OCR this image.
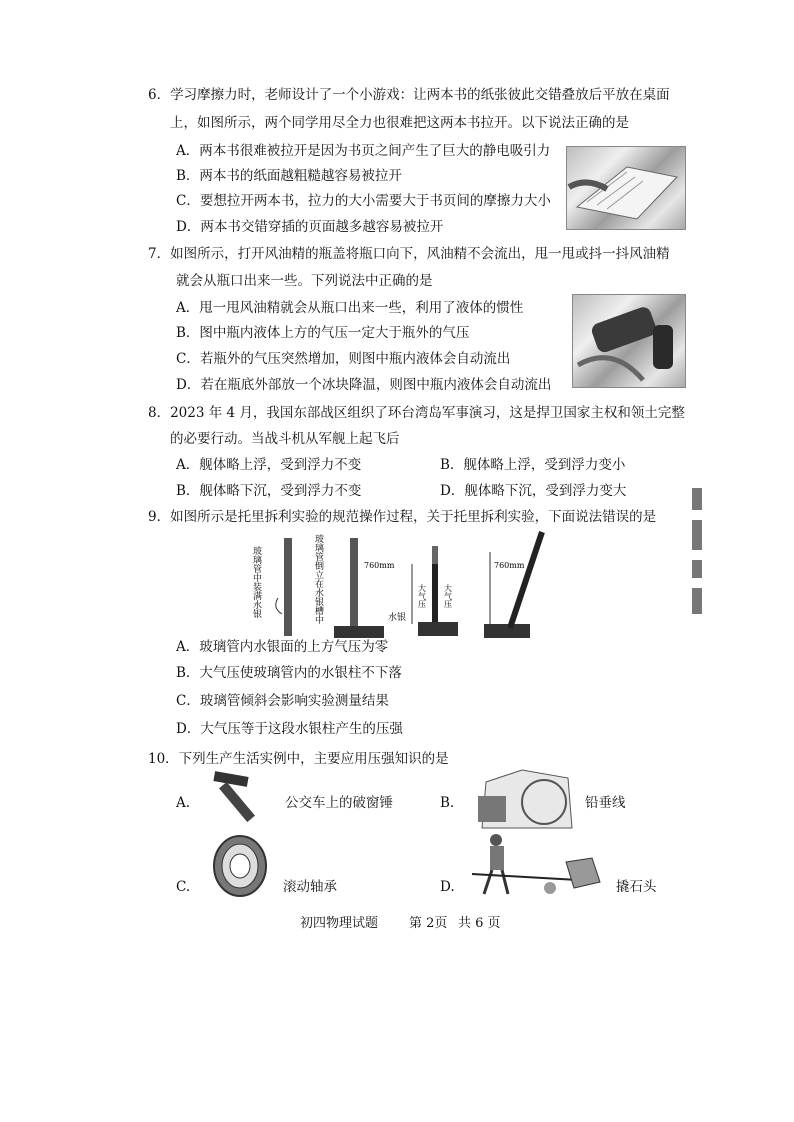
6．学习摩擦力时，老师设计了一个小游戏：让两本书的纸张彼此交错叠放后平放在桌面
上，如图所示，两个同学用尽全力也很难把这两本书拉开。以下说法正确的是
A．两本书很难被拉开是因为书页之间产生了巨大的静电吸引力
B．两本书的纸面越粗糙越容易被拉开
C．要想拉开两本书，拉力的大小需要大于书页间的摩擦力大小
D．两本书交错穿插的页面越多越容易被拉开
7．如图所示，打开风油精的瓶盖将瓶口向下，风油精不会流出，甩一甩或抖一抖风油精
就会从瓶口出来一些。下列说法中正确的是
A．甩一甩风油精就会从瓶口出来一些，利用了液体的惯性
B．图中瓶内液体上方的气压一定大于瓶外的气压
C．若瓶外的气压突然增加，则图中瓶内液体会自动流出
D．若在瓶底外部放一个冰块降温，则图中瓶内液体会自动流出
8．2023 年 4 月，我国东部战区组织了环台湾岛军事演习，这是捍卫国家主权和领土完整
的必要行动。当战斗机从军舰上起飞后
A．舰体略上浮，受到浮力不变	B．舰体略上浮，受到浮力变小
B．舰体略下沉，受到浮力不变	D．舰体略下沉，受到浮力变大
9．如图所示是托里拆利实验的规范操作过程，关于托里拆利实验，下面说法错误的是
玻璃管中装满水银	玻璃管倒立在水银槽中	水银
760mm
大气压 大气压
760mm
A．玻璃管内水银面的上方气压为零
B．大气压使玻璃管内的水银柱不下落
C．玻璃管倾斜会影响实验测量结果
D．大气压等于这段水银柱产生的压强
10．下列生产生活实例中，主要应用压强知识的是
A.	公交车上的破窗锤	B.	铅垂线
C.	滚动轴承	D.	撬石头
初四物理试题 第 2页 共 6 页
